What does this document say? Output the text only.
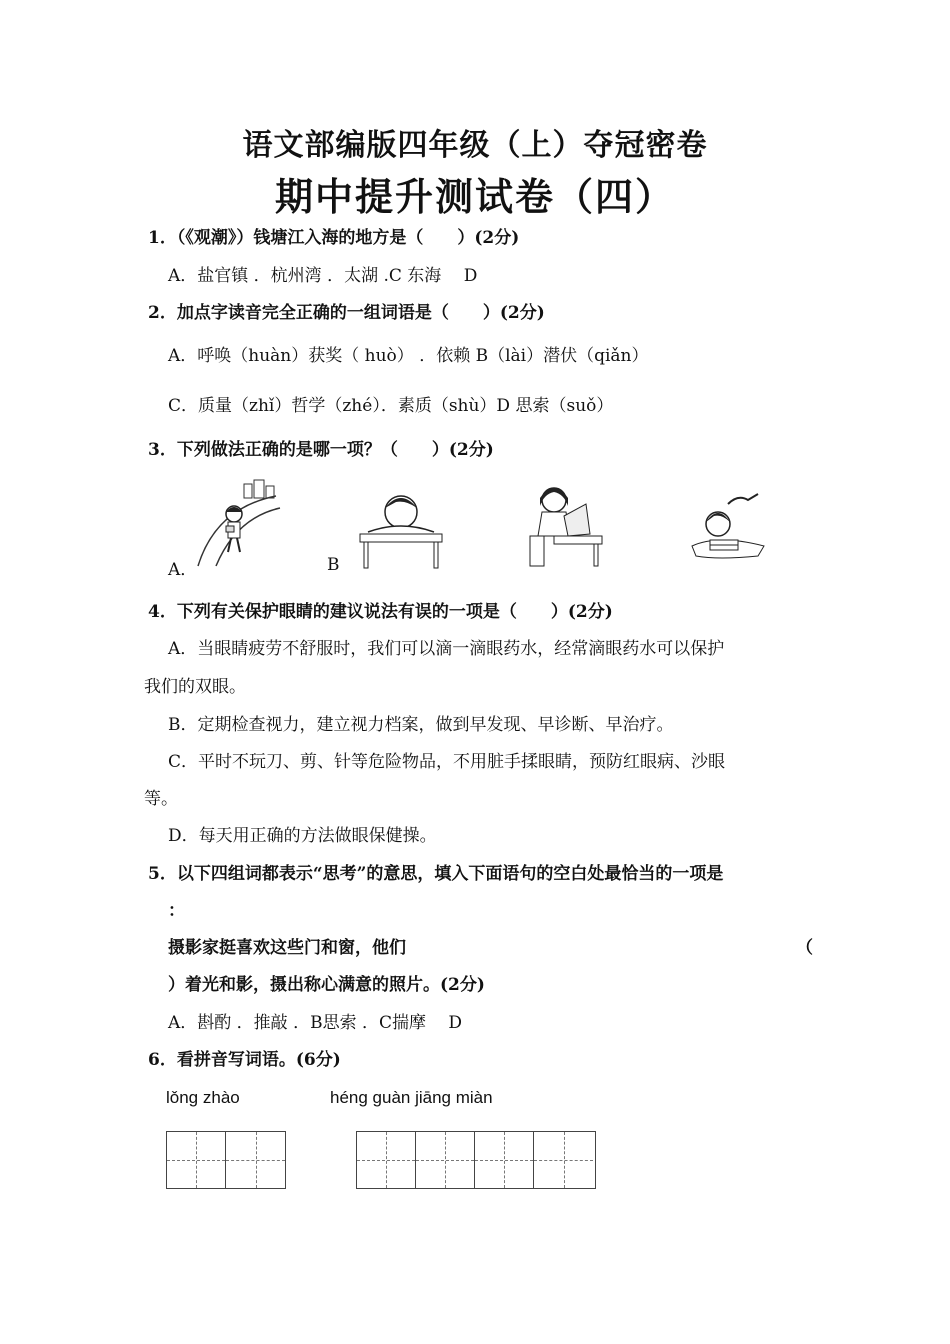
语文部编版四年级（上）夺冠密卷
期中提升测试卷（四）
1．（《观潮》）钱塘江入海的地方是（　　）(2分)
A．盐官镇 ．杭州湾 ．太湖 .C 东海　 D
2．加点字读音完全正确的一组词语是（　　）(2分)
A．呼唤（huàn）获奖（ huò） ．依赖 B（lài）潜伏（qiǎn）
C．质量（zhǐ）哲学（zhé）．素质（shù）D 思索（suǒ）
3．下列做法正确的是哪一项？（　　）(2分)
A．	B
4．下列有关保护眼睛的建议说法有误的一项是（　　）(2分)
A．当眼睛疲劳不舒服时，我们可以滴一滴眼药水，经常滴眼药水可以保护
我们的双眼。
B．定期检查视力，建立视力档案，做到早发现、早诊断、早治疗。
C．平时不玩刀、剪、针等危险物品，不用脏手揉眼睛，预防红眼病、沙眼
等。
D．每天用正确的方法做眼保健操。
5．以下四组词都表示“思考”的意思，填入下面语句的空白处最恰当的一项是
：
摄影家挺喜欢这些门和窗，他们	（
）着光和影，摄出称心满意的照片。(2分)
A．斟酌 ．推敲 ．B思索 ．C揣摩　 D
6．看拼音写词语。(6分)
lǒng zhào	héng guàn jiāng miàn
